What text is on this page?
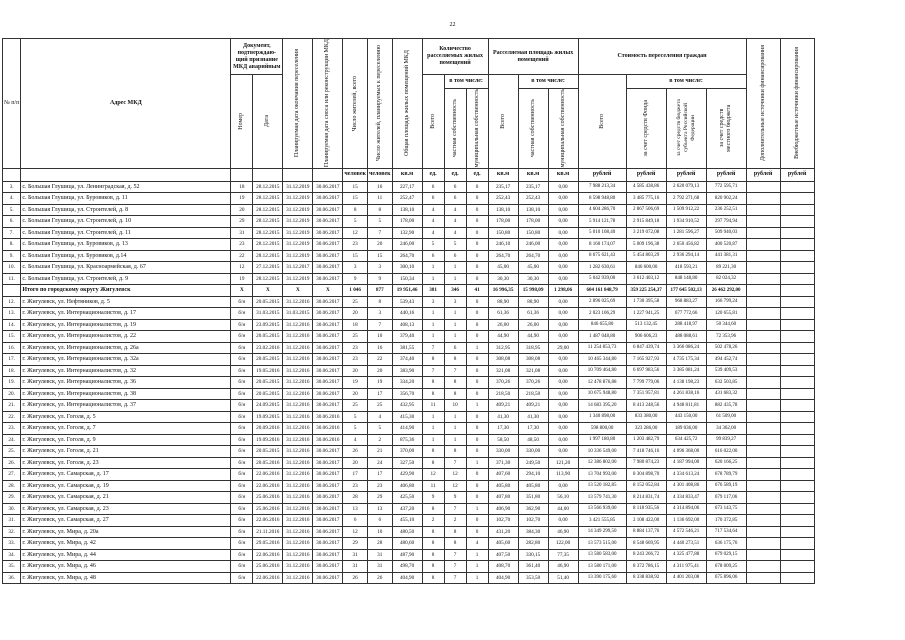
22
№ п/п	Адрес МКД	Документ, подтверждаю-щий признание МКД аварийным		Планируемая дата окончания переселения	Планируемая дата сноса или реконструкции МКД	Число жителей, всего	Число жителей, планируемых к переселению	Общая площадь жилых помещений МКД	Количество расселяемых жилых помещений			Расселяемая площадь жилых помещений			Стоимость переселения граждан				Дополнительные источники финансирования	Внебюджетные источники финансирования

		Номер	Дата						Всего	в том числе:		Всего	в том числе:		Всего	в том числе:				

										частная собственность	муниципальная собственность		частная собственность	муниципальная собственность		за счет средств Фонда	за счет средств бюджета субъекта Российской Федерации	за счет средств местного бюджета		

						человек	человек	кв.м	ед.	ед.	ед.	кв.м	кв.м	кв.м	рублей	рублей	рублей	рублей	рублей	рублей
3.	с. Большая Глушица, ул. Ленинградская, д. 52	18	28.12.2015	31.12.2019	30.06.2017	15	16	227,17	6	6	0	235,17	235,17	0,00	7 988 213,34	4 585 438,86	2 620 079,13	772 595,71		
4.	с. Большая Глушица, ул. Буровиков, д. 11	19	28.12.2015	31.12.2019	30.06.2017	15	11	252,47	6	6	0	252,43	252,43	0,00	8 598 948,80	3 485 775,16	2 792 271,68	820 902,24		
5.	с. Большая Глушица, ул. Строителей, д. 8	20	28.12.2015	31.12.2019	30.06.2017	8	8	138,10	4	4	0	138,10	138,10	0,00	4 604 286,70	2 867 506,69	1 509 912,22	236 252,51		
6.	с. Большая Глушица, ул. Строителей, д. 10	29	28.12.2015	31.12.2019	30.06.2017	5	5	178,00	4	4	0	178,00	178,00	0,00	5 914 121,78	2 915 849,18	1 934 910,52	297 794,94		
7.	с. Большая Глушица, ул. Строителей, д. 11	31	28.12.2015	31.12.2019	30.06.2017	12	7	132,90	4	4	0	150,80	150,80	0,00	5 010 108,40	3 219 072,08	1 281 596,27	509 940,03		
8.	с. Большая Глушица, ул. Буровиков, д. 13	23	28.12.2015	31.12.2019	30.06.2017	23	20	246,00	5	5	0	246,10	246,00	0,00	8 160 174,07	5 009 196,38	2 650 456,82	400 520,87		
9.	с. Большая Глушица, ул. Буровиков, д.14	22	28.12.2015	31.12.2019	30.06.2017	15	15	264,70	6	6	0	264,70	264,70	0,00	8 675 621,43	5 454 803,29	2 936 294,14	441 381,31		
10.	с. Большая Глушица, ул. Красноармейская, д. 67	12	27.12.2015	31.12.2017	30.06.2017	3	3	300,10	1	1	0	45,00	45,00	0,00	1 282 630,61	846 600,00	418 593,21	89 221,30		
11.	с. Большая Глушица, ул. Строителей, д. 9	19	28.12.2015	31.12.2019	30.06.2017	9	9	150,34	1	1	0	30,30	30,30	0,00	5 042 939,00	3 612 403,12	848 148,80	82 024,32		
	Итого по городскому округу Жигулевск	X	X	X	X	1 046	877	19 951,46	381	346	41	16 996,35	15 998,09	1 298,06	604 161 848,79	359 225 254,37	177 645 502,13	26 462 292,00		
12.	г. Жигулевск, ул. Нефтяников, д. 5	б/н	20.05.2015	31.12.2016	30.06.2017	25	8	539,43	3	3	0	88,90	88,90	0,00	2 896 025,69	1 730 395,58	968 883,27	166 799,24		
13.	г. Жигулевск, ул. Интернационалистов, д. 17	б/н	31.03.2015	31.03.2015	30.06.2017	20	3	440,16	1	1	0	61,36	61,36	0,00	2 023 106,29	1 227 941,25	677 772,66	120 655,81		
14.	г. Жигулевск, ул. Интернационалистов, д. 19	б/н	23.09.2015	31.12.2016	30.06.2017	18	7	408,13	1	1	0	26,00	26,00	0,00	846 655,80	513 132,45	288 418,97	50 344,60		
15.	г. Жигулевск, ул. Интернационалистов, д. 22	б/н	20.05.2015	31.12.2016	30.06.2017	25	10	379,40	1	1	0	44,90	44,90	0,00	1 487 048,80	906 606,23	488 088,61	72 353,96		
16.	г. Жигулевск, ул. Интернационалистов, д. 26а	б/н	23.02.2016	31.12.2016	30.06.2017	23	16	381,55	7	6	1	312,95	318,95	29,00	11 254 853,73	6 847 439,74	3 366 086,24	502 478,26		
17.	г. Жигулевск, ул. Интернационалистов, д. 32а	б/н	20.05.2015	31.12.2016	30.06.2017	23	22	374,40	8	8	0	308,08	308,08	0,00	10 465 344,80	7 165 927,93	4 735 175,34	494 452,74		
18.	г. Жигулевск, ул. Интернационалистов, д. 32	б/н	19.05.2016	31.12.2016	30.06.2017	20	20	383,90	7	7	0	321,08	321,08	0,00	10 709 464,80	6 697 983,56	3 385 081,24	539 409,53		
19.	г. Жигулевск, ул. Интернационалистов, д. 36	б/н	20.05.2015	31.12.2016	30.06.2017	19	19	334,20	8	8	0	370,26	370,26	0,00	12 478 876,88	7 799 779,06	4 138 198,23	632 503,85		
20.	г. Жигулевск, ул. Интернационалистов, д. 38	б/н	20.05.2015	31.12.2016	30.06.2017	20	17	356,70	8	8	0	218,50	218,50	0,00	10 675 948,80	7 351 957,81	4 261 838,16	431 683,32		
21.	г. Жигулевск, ул. Интернационалистов, д. 37	б/н	24.09.2015	31.12.2016	30.06.2017	25	25	432,95	11	10	1	409,21	409,21	0,00	14 683 395,20	8 413 248,56	4 948 811,81	882 435,78		
22.	г. Жигулевск, ул. Гоголя, д. 5	б/н	19.09.2015	31.12.2016	30.06.2016	5	4	415,30	1	1	0	41,30	41,30	0,00	1 340 898,00	833 380,00	443 150,00	61 509,00		
23.	г. Жигулевск, ул. Гоголя, д. 7	б/н	20.09.2016	31.12.2016	30.06.2016	5	5	414,90	1	1	0	17,30	17,30	0,00	598 800,00	323 286,00	189 036,00	34 362,00		
24.	г. Жигулевск, ул. Гоголя, д. 9	б/н	19.09.2016	31.12.2016	30.06.2016	4	2	875,36	1	1	0	58,50	48,50	0,00	1 997 180,80	1 203 482,79	634 425,72	99 839,27		
25.	г. Жигулевск, ул. Гоголя, д. 21	б/н	20.05.2015	31.12.2016	30.06.2017	26	21	370,00	8	8	0	330,00	330,00	0,00	10 336 549,00	7 418 746,16	4 096 368,00	616 022,00		
26.	г. Жигулевск, ул. Гоголя, д. 23	б/н	20.05.2016	31.12.2016	30.06.2017	20	24	327,50	8	7	1	371,30	249,50	121,20	12 386 802,00	7 980 874,23	4 187 994,00	620 166,25		
27.	г. Жигулевск, ул. Самарская, д. 17	б/н	22.06.2016	31.12.2016	30.06.2017	17	17	429,90	12	12	0	407,60	294,10	113,90	13 704 993,00	8 304 898,70	4 334 613,24	678 789,79		
28.	г. Жигулевск, ул. Самарская, д. 19	б/н	22.06.2016	31.12.2016	30.06.2017	23	23	406,80	11	12	0	405,80	405,80	0,00	13 520 182,85	8 152 052,84	4 301 408,86	676 589,19		
29.	г. Жигулевск, ул. Самарская, д. 21	б/н	25.06.2016	31.12.2016	30.06.2017	28	29	425,50	9	9	0	407,80	351,80	56,10	13 579 741,30	8 214 831,74	4 334 833,47	679 117,06		
30.	г. Жигулевск, ул. Самарская, д. 23	б/н	25.06.2016	31.12.2016	30.06.2017	13	13	437,20	8	7	1	406,90	362,90	44,00	13 566 939,00	8 118 935,56	4 314 894,06	673 143,75		
31.	г. Жигулевск, ул. Самарская, д. 27	б/н	22.06.2016	31.12.2016	30.06.2017	6	6	455,10	2	2	0	102,70	102,70	0,00	3 421 555,85	2 108 422,00	1 136 692,00	170 372,85		
32.	г. Жигулевск, ул. Мира, д. 20а	б/н	21.11.2016	31.12.2016	30.06.2017	12	10	480,50	8	8	0	431,20	384,30	46,90	14 349 299,50	8 884 137,76	4 572 546,21	717 534,64		
33.	г. Жигулевск, ул. Мира, д. 42	б/н	29.05.2016	31.12.2016	30.06.2017	29	28	480,60	8	8	4	405,60	282,80	122,00	13 573 515,00	8 548 669,95	4 440 273,51	636 175,76		
34.	г. Жигулевск, ул. Мира, д. 44	б/н	22.06.2016	31.12.2016	30.06.2017	31	31	487,90	8	7	1	407,50	330,15	77,35	13 580 583,00	8 243 266,72	4 325 477,88	679 029,15		
35.	г. Жигулевск, ул. Мира, д. 46	б/н	25.06.2016	31.12.2016	30.06.2017	31	31	498,70	8	7	1	408,70	361,40	46,90	13 580 171,00	8 372 786,15	4 311 975,41	678 009,25		
36.	г. Жигулевск, ул. Мира, д. 48	б/н	22.06.2016	31.12.2016	30.06.2017	26	26	404,90	8	7	1	404,90	353,50	51,40	13 390 175,60	8 338 838,92	4 401 203,08	675 896,06		
